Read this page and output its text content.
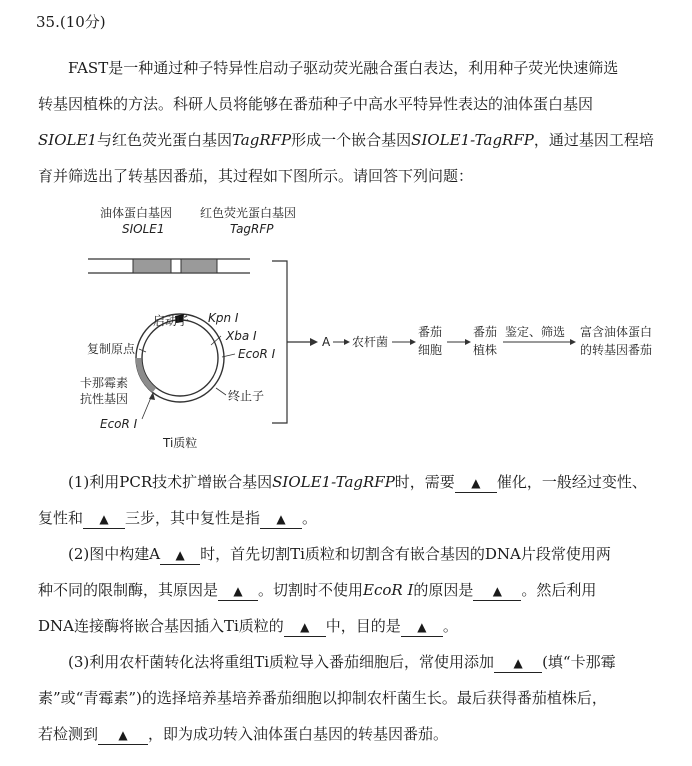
35.(10分)
FAST是一种通过种子特异性启动子驱动荧光融合蛋白表达，利用种子荧光快速筛选
转基因植株的方法。科研人员将能够在番茄种子中高水平特异性表达的油体蛋白基因
SIOLE1与红色荧光蛋白基因TagRFP形成一个嵌合基因SIOLE1-TagRFP，通过基因工程培
育并筛选出了转基因番茄，其过程如下图所示。请回答下列问题：
油体蛋白基因
SIOLE1
红色荧光蛋白基因
TagRFP
启动子 Kpn Ⅰ
Xba Ⅰ
EcoR Ⅰ
复制原点
卡那霉素
抗性基因
EcoR Ⅰ
终止子
Ti质粒
A 农杆菌
番茄
细胞
番茄
植株
鉴定、筛选 富含油体蛋白
的转基因番茄
(1)利用PCR技术扩增嵌合基因SIOLE1-TagRFP时，需要 ▲ 催化，一般经过变性、
复性和 ▲ 三步，其中复性是指 ▲ 。
(2)图中构建A ▲ 时，首先切割Ti质粒和切割含有嵌合基因的DNA片段常使用两
种不同的限制酶，其原因是 ▲ 。切割时不使用EcoR Ⅰ的原因是 ▲ 。然后利用
DNA连接酶将嵌合基因插入Ti质粒的 ▲ 中，目的是 ▲ 。
(3)利用农杆菌转化法将重组Ti质粒导入番茄细胞后，常使用添加 ▲ (填“卡那霉
素”或“青霉素”)的选择培养基培养番茄细胞以抑制农杆菌生长。最后获得番茄植株后，
若检测到 ▲ ，即为成功转入油体蛋白基因的转基因番茄。
